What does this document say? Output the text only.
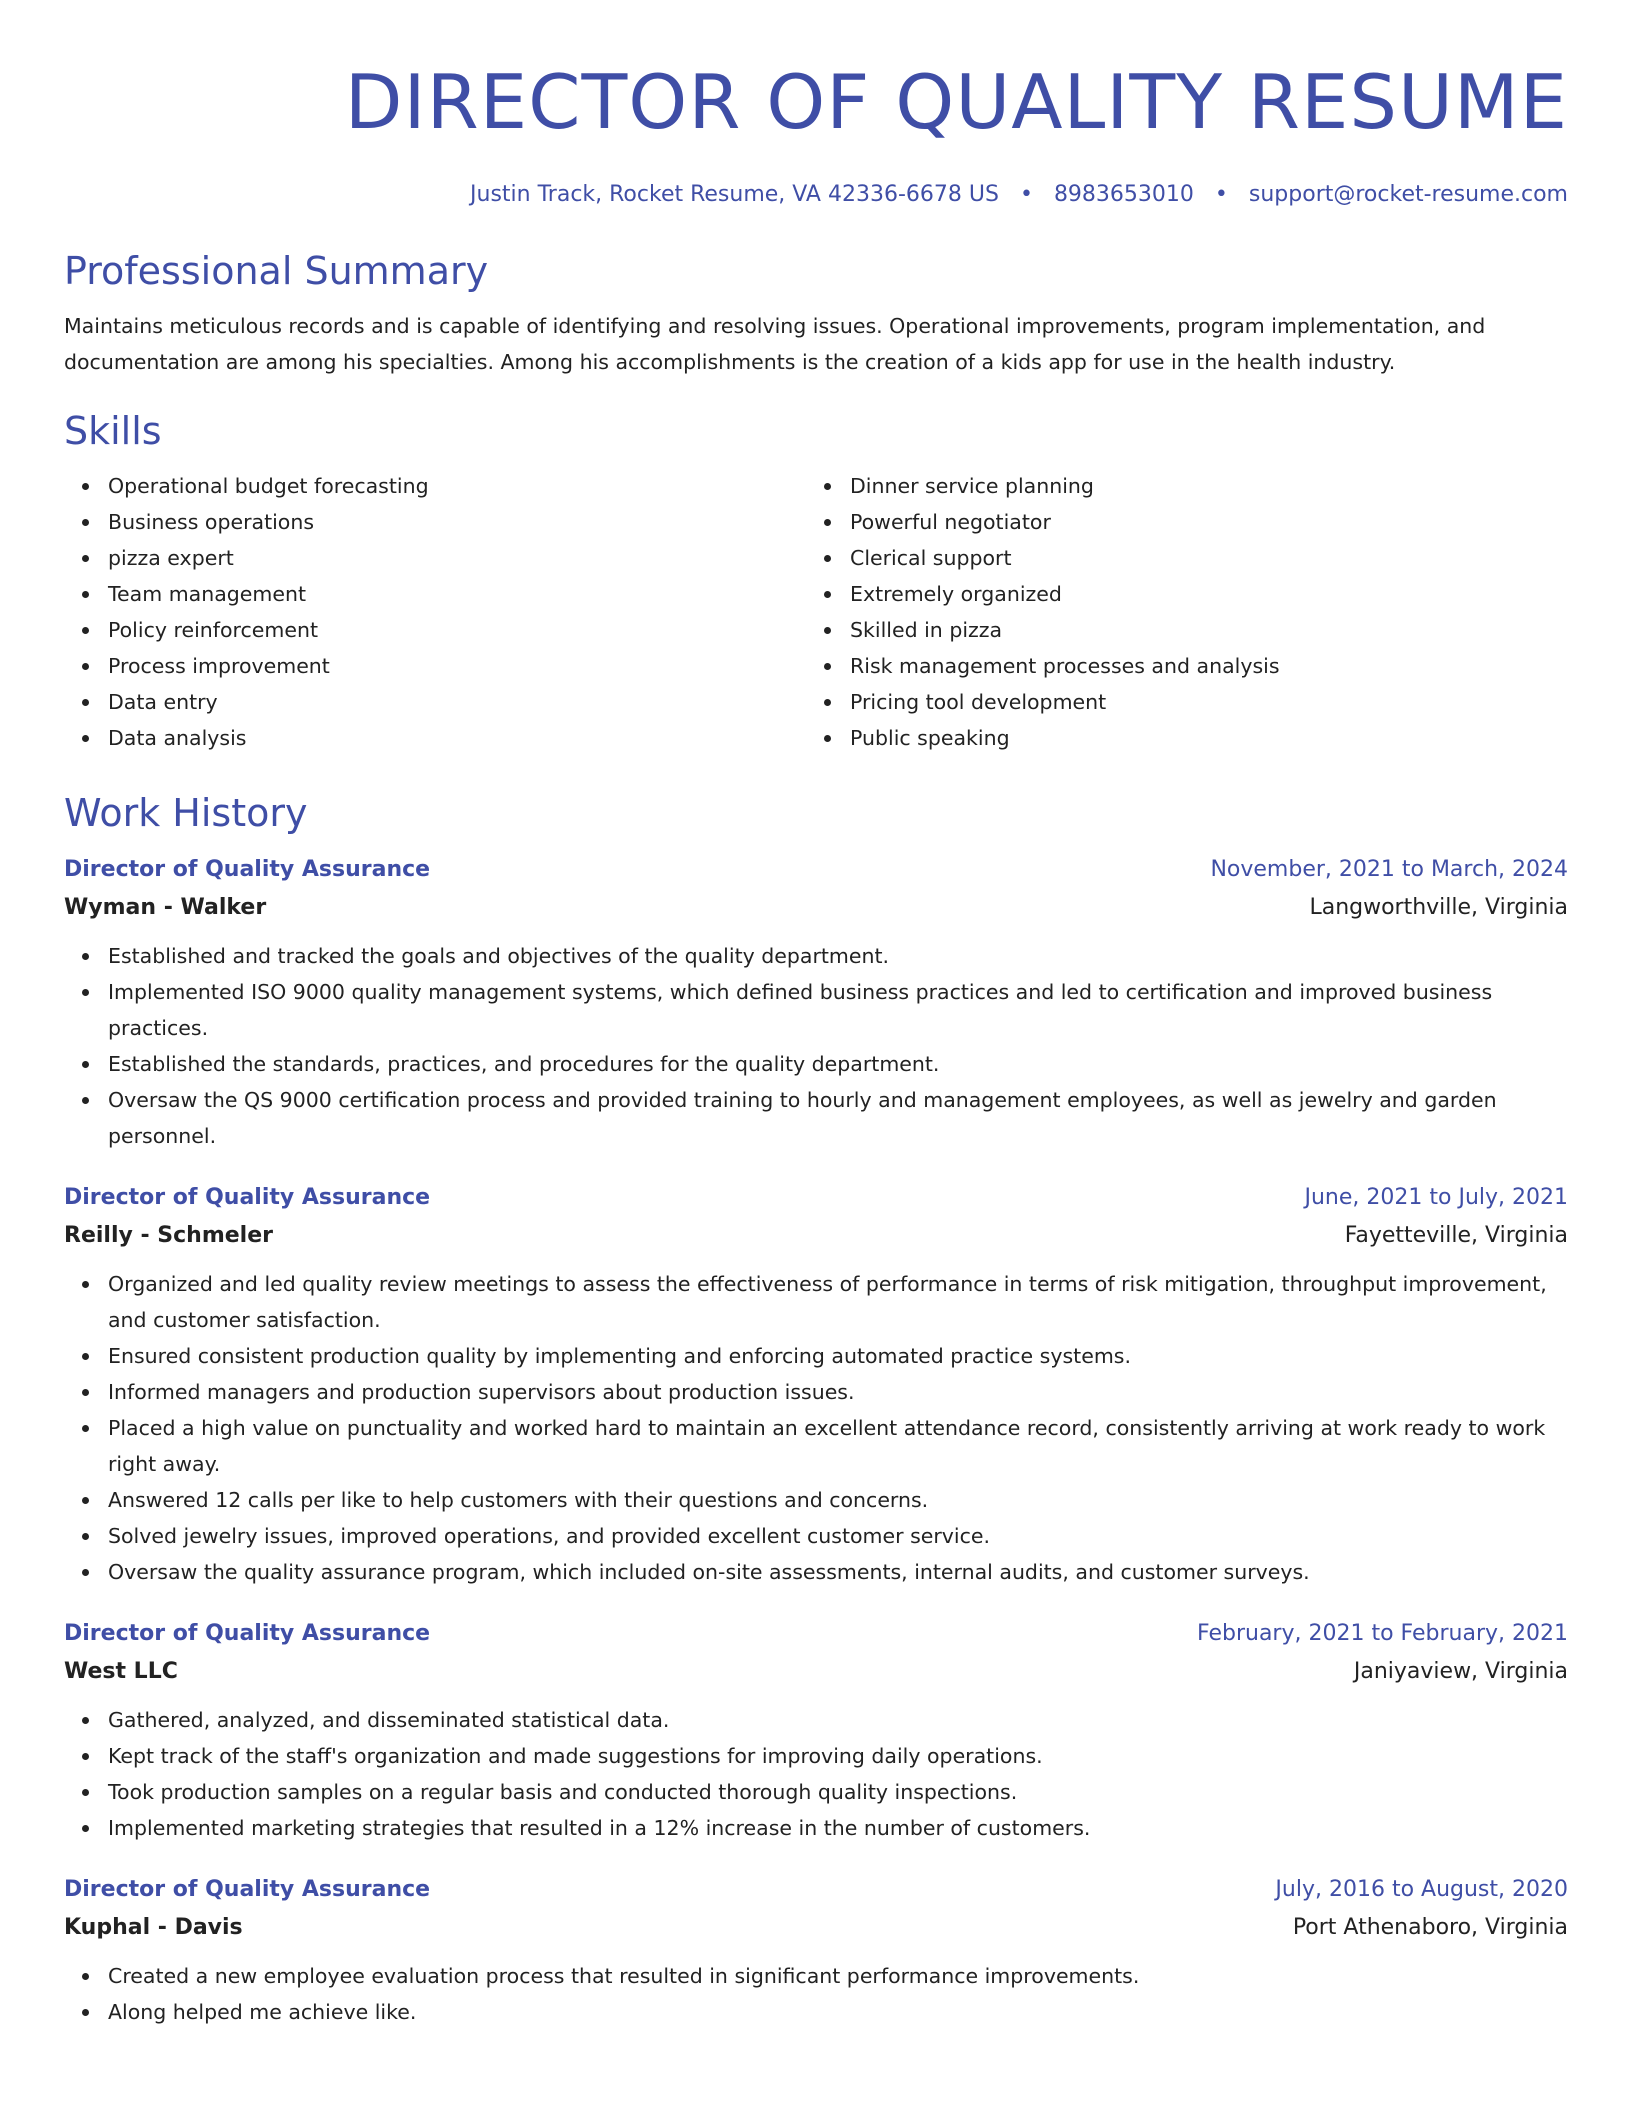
DIRECTOR OF QUALITY RESUME
Justin Track, Rocket Resume, VA 42336-6678 US • 8983653010 • support@rocket-resume.com
Professional Summary
Maintains meticulous records and is capable of identifying and resolving issues. Operational improvements, program implementation, and documentation are among his specialties. Among his accomplishments is the creation of a kids app for use in the health industry.
Skills
Operational budget forecasting
Business operations
pizza expert
Team management
Policy reinforcement
Process improvement
Data entry
Data analysis
Dinner service planning
Powerful negotiator
Clerical support
Extremely organized
Skilled in pizza
Risk management processes and analysis
Pricing tool development
Public speaking
Work History
Director of Quality Assurance	November, 2021 to March, 2024
Wyman - Walker	Langworthville, Virginia
Established and tracked the goals and objectives of the quality department.
Implemented ISO 9000 quality management systems, which defined business practices and led to certification and improved business practices.
Established the standards, practices, and procedures for the quality department.
Oversaw the QS 9000 certification process and provided training to hourly and management employees, as well as jewelry and garden personnel.
Director of Quality Assurance	June, 2021 to July, 2021
Reilly - Schmeler	Fayetteville, Virginia
Organized and led quality review meetings to assess the effectiveness of performance in terms of risk mitigation, throughput improvement, and customer satisfaction.
Ensured consistent production quality by implementing and enforcing automated practice systems.
Informed managers and production supervisors about production issues.
Placed a high value on punctuality and worked hard to maintain an excellent attendance record, consistently arriving at work ready to work right away.
Answered 12 calls per like to help customers with their questions and concerns.
Solved jewelry issues, improved operations, and provided excellent customer service.
Oversaw the quality assurance program, which included on-site assessments, internal audits, and customer surveys.
Director of Quality Assurance	February, 2021 to February, 2021
West LLC	Janiyaview, Virginia
Gathered, analyzed, and disseminated statistical data.
Kept track of the staff's organization and made suggestions for improving daily operations.
Took production samples on a regular basis and conducted thorough quality inspections.
Implemented marketing strategies that resulted in a 12% increase in the number of customers.
Director of Quality Assurance	July, 2016 to August, 2020
Kuphal - Davis	Port Athenaboro, Virginia
Created a new employee evaluation process that resulted in significant performance improvements.
Along helped me achieve like.
